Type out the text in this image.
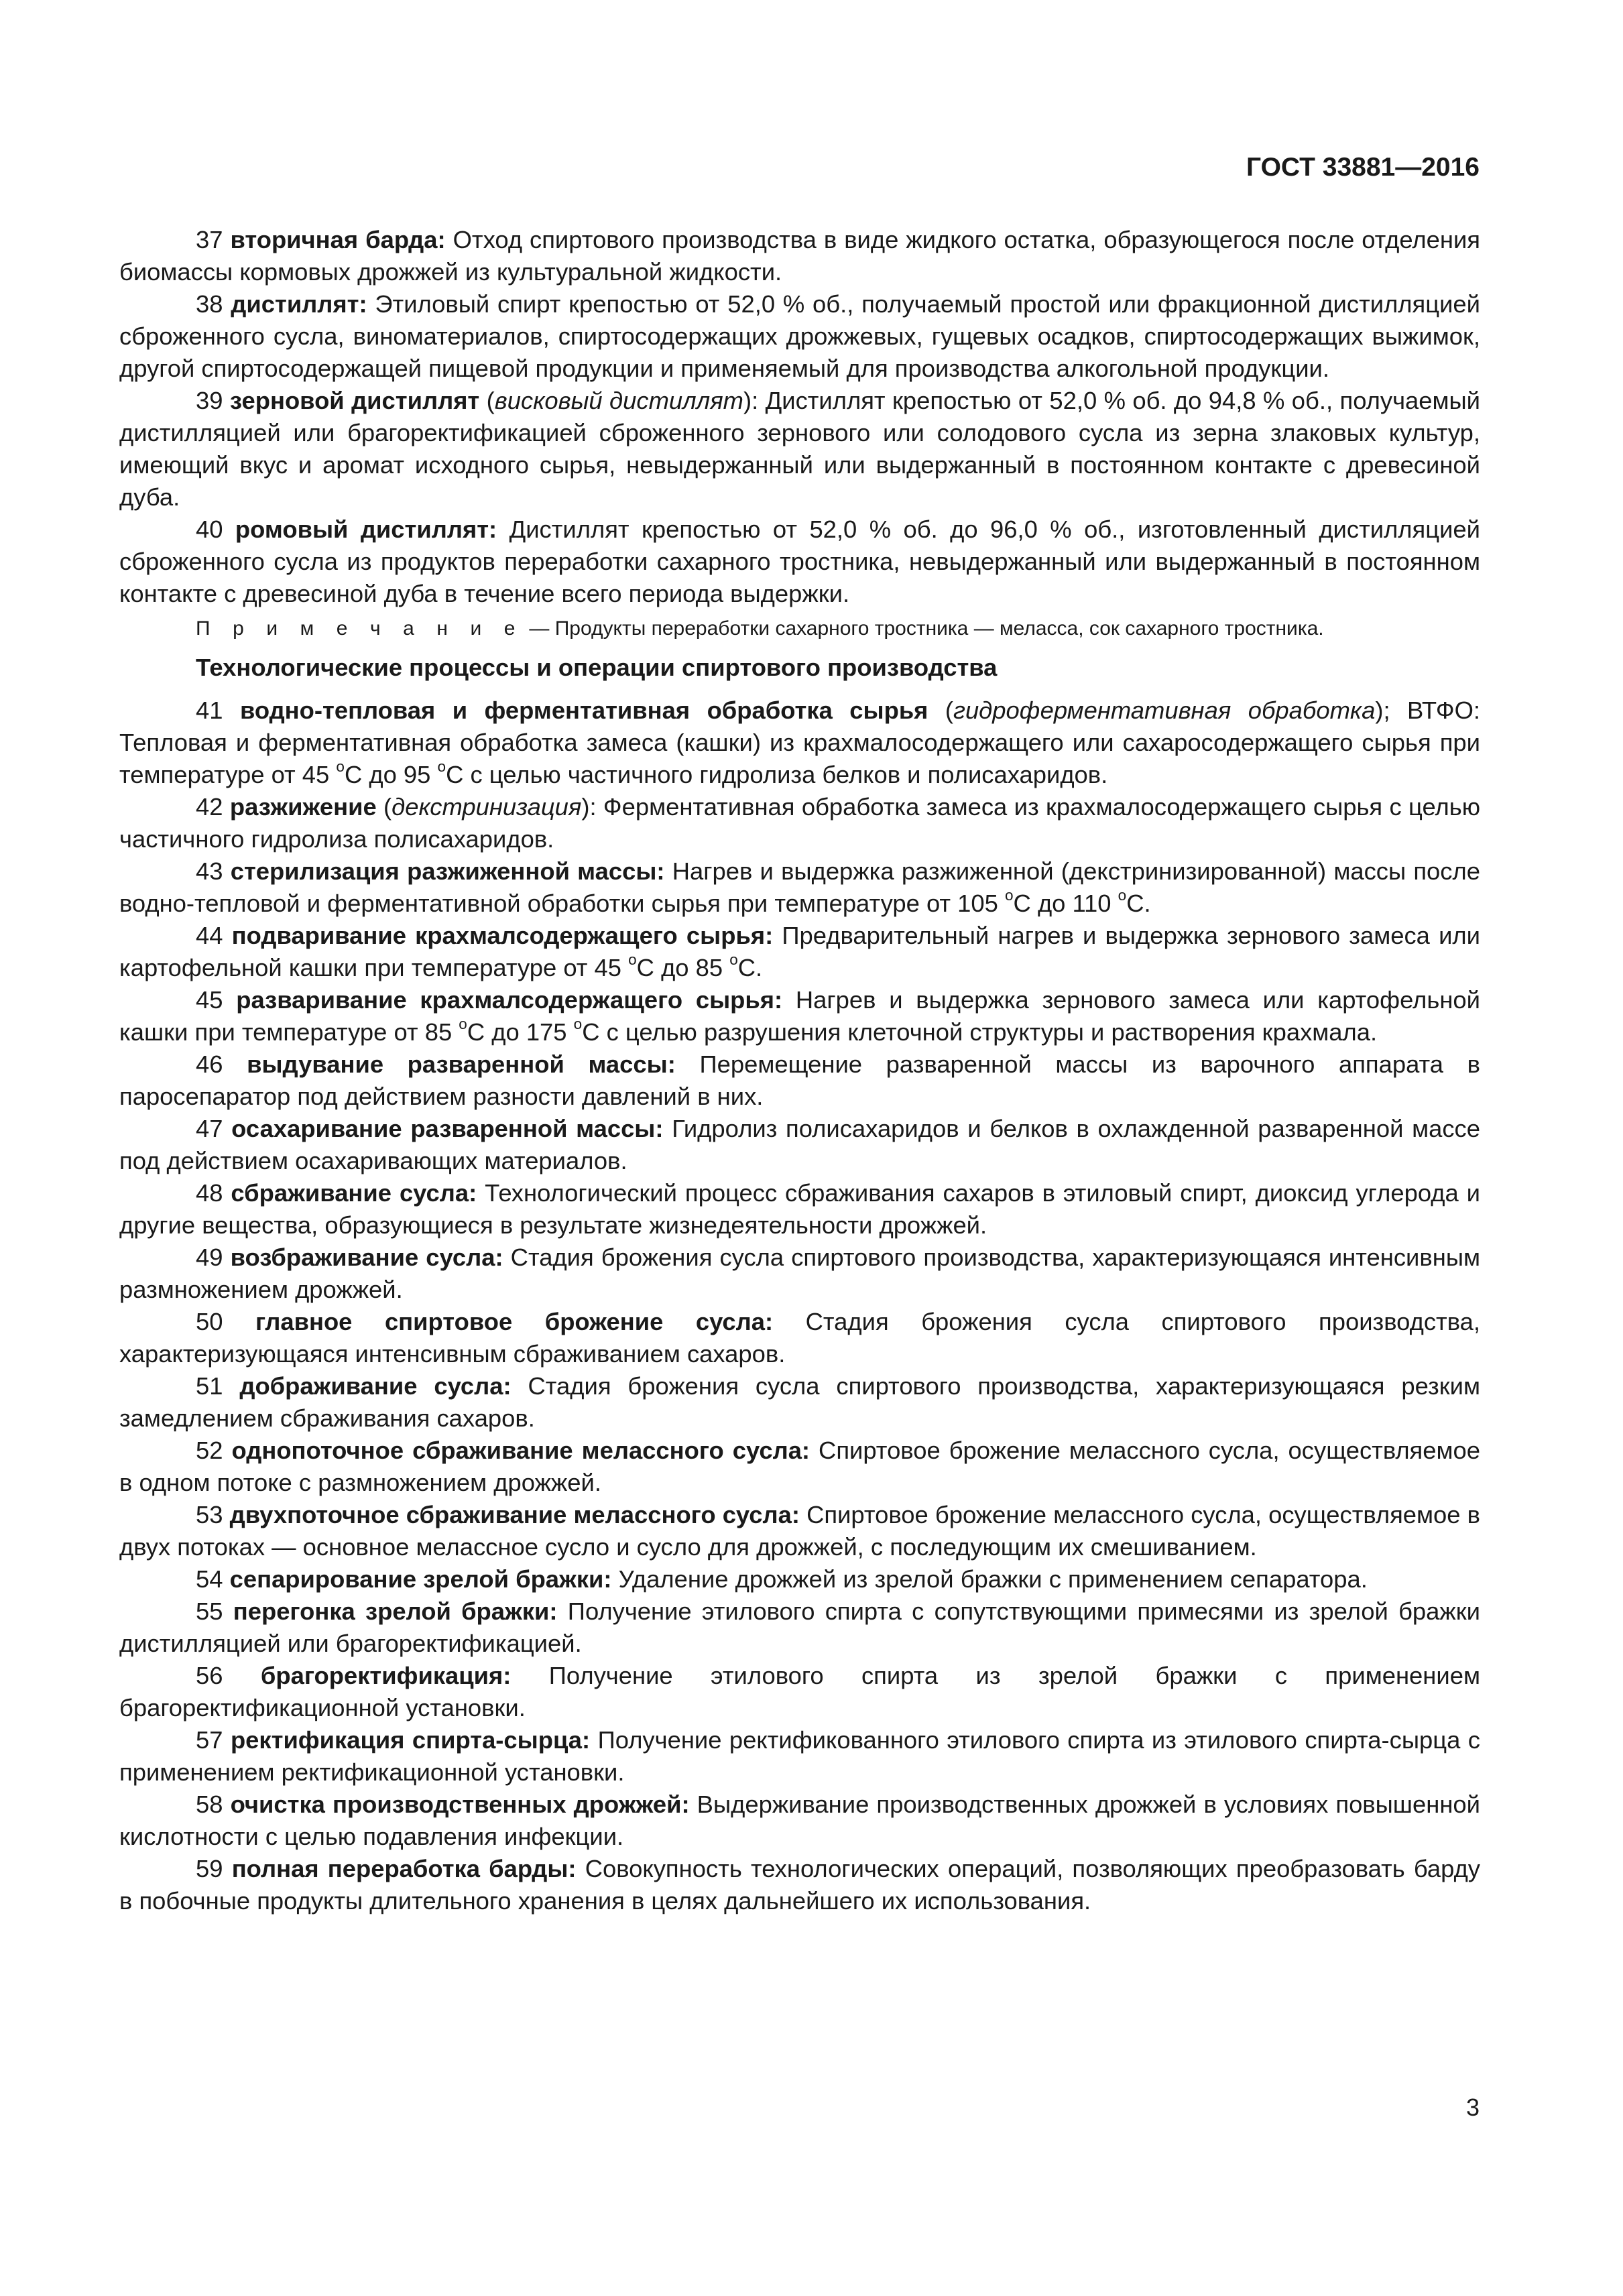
ГОСТ 33881—2016

37 вторичная барда: Отход спиртового производства в виде жидкого остатка, образующегося после отделения биомассы кормовых дрожжей из культуральной жидкости.

38 дистиллят: Этиловый спирт крепостью от 52,0 % об., получаемый простой или фракционной дистилляцией сброженного сусла, виноматериалов, спиртосодержащих дрожжевых, гущевых осадков, спиртосодержащих выжимок, другой спиртосодержащей пищевой продукции и применяемый для производства алкогольной продукции.

39 зерновой дистиллят (висковый дистиллят): Дистиллят крепостью от 52,0 % об. до 94,8 % об., получаемый дистилляцией или брагоректификацией сброженного зернового или солодового сусла из зерна злаковых культур, имеющий вкус и аромат исходного сырья, невыдержанный или выдержанный в постоянном контакте с древесиной дуба.

40 ромовый дистиллят: Дистиллят крепостью от 52,0 % об. до 96,0 % об., изготовленный дистилляцией сброженного сусла из продуктов переработки сахарного тростника, невыдержанный или выдержанный в постоянном контакте с древесиной дуба в течение всего периода выдержки.

П р и м е ч а н и е — Продукты переработки сахарного тростника — меласса, сок сахарного тростника.

Технологические процессы и операции спиртового производства

41 водно-тепловая и ферментативная обработка сырья (гидроферментативная обработка); ВТФО: Тепловая и ферментативная обработка замеса (кашки) из крахмалосодержащего или сахаросодержащего сырья при температуре от 45 $^o$C до 95 $^o$C с целью частичного гидролиза белков и полисахаридов.

42 разжижение (декстринизация): Ферментативная обработка замеса из крахмалосодержащего сырья с целью частичного гидролиза полисахаридов.

43 стерилизация разжиженной массы: Нагрев и выдержка разжиженной (декстринизированной) массы после водно-тепловой и ферментативной обработки сырья при температуре от 105 $^o$C до 110 $^o$C.

44 подваривание крахмалсодержащего сырья: Предварительный нагрев и выдержка зернового замеса или картофельной кашки при температуре от 45 $^o$C до 85 $^o$C.

45 разваривание крахмалсодержащего сырья: Нагрев и выдержка зернового замеса или картофельной кашки при температуре от 85 $^o$C до 175 $^o$C с целью разрушения клеточной структуры и растворения крахмала.

46 выдувание разваренной массы: Перемещение разваренной массы из варочного аппарата в паросепаратор под действием разности давлений в них.

47 осахаривание разваренной массы: Гидролиз полисахаридов и белков в охлажденной разваренной массе под действием осахаривающих материалов.

48 сбраживание сусла: Технологический процесс сбраживания сахаров в этиловый спирт, диоксид углерода и другие вещества, образующиеся в результате жизнедеятельности дрожжей.

49 возбраживание сусла: Стадия брожения сусла спиртового производства, характеризующаяся интенсивным размножением дрожжей.

50 главное спиртовое брожение сусла: Стадия брожения сусла спиртового производства, характеризующаяся интенсивным сбраживанием сахаров.

51 дображивание сусла: Стадия брожения сусла спиртового производства, характеризующаяся резким замедлением сбраживания сахаров.

52 однопоточное сбраживание мелассного сусла: Спиртовое брожение мелассного сусла, осуществляемое в одном потоке с размножением дрожжей.

53 двухпоточное сбраживание мелассного сусла: Спиртовое брожение мелассного сусла, осуществляемое в двух потоках — основное мелассное сусло и сусло для дрожжей, с последующим их смешиванием.

54 сепарирование зрелой бражки: Удаление дрожжей из зрелой бражки с применением сепаратора.

55 перегонка зрелой бражки: Получение этилового спирта с сопутствующими примесями из зрелой бражки дистилляцией или брагоректификацией.

56 брагоректификация: Получение этилового спирта из зрелой бражки с применением брагоректификационной установки.

57 ректификация спирта-сырца: Получение ректификованного этилового спирта из этилового спирта-сырца с применением ректификационной установки.

58 очистка производственных дрожжей: Выдерживание производственных дрожжей в условиях повышенной кислотности с целью подавления инфекции.

59 полная переработка барды: Совокупность технологических операций, позволяющих преобразовать барду в побочные продукты длительного хранения в целях дальнейшего их использования.

3
